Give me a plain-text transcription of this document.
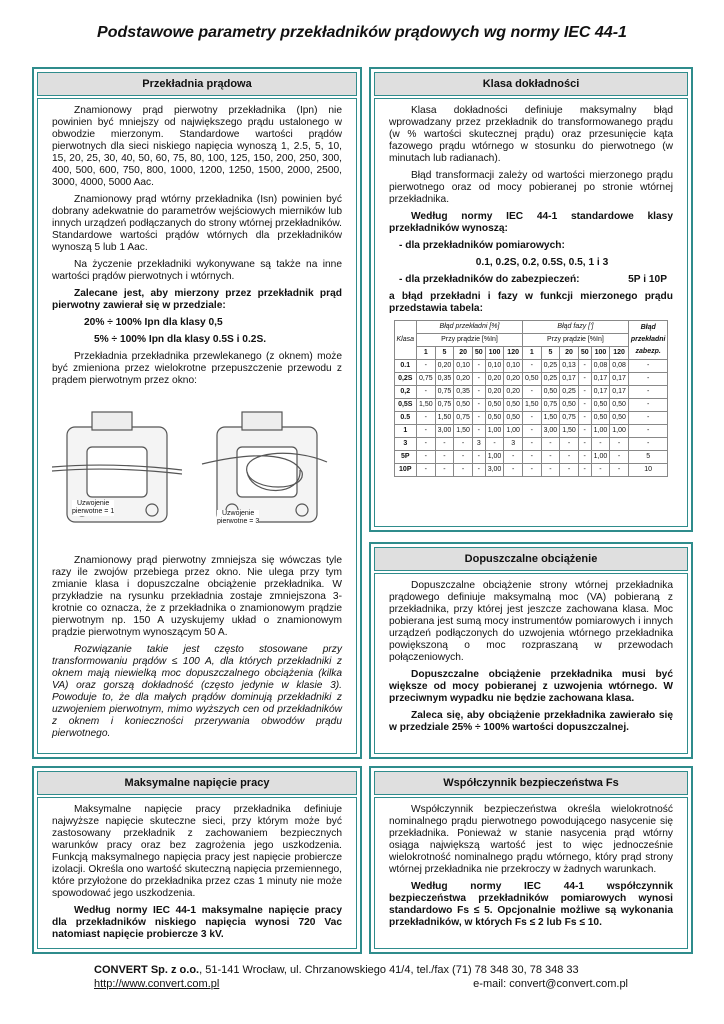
Podstawowe parametry przekładników prądowych wg normy IEC 44-1
Przekładnia prądowa

Znamionowy prąd pierwotny przekładnika (Ipn) nie powinien być mniejszy od największego prądu ustalonego w obwodzie mierzonym. Standardowe wartości prądów pierwotnych dla sieci niskiego napięcia wynoszą 1, 2.5, 5, 10, 15, 20, 25, 30, 40, 50, 60, 75, 80, 100, 125, 150, 200, 250, 300, 400, 500, 600, 750, 800, 1000, 1200, 1250, 1500, 2000, 2500, 3000, 4000, 5000 Aac.

Znamionowy prąd wtórny przekładnika (Isn) powinien być dobrany adekwatnie do parametrów wejściowych mierników lub innych urządzeń podłączanych do strony wtórnej przekładników. Standardowe wartości prądów wtórnych dla przekładników wynoszą 5 lub 1 Aac.

Na życzenie przekładniki wykonywane są także na inne wartości prądów pierwotnych i wtórnych.

Zalecane jest, aby mierzony przez przekładnik prąd pierwotny zawierał się w przedziale:

20% ÷ 100% Ipn dla klasy 0,5

5% ÷ 100% Ipn dla klasy 0.5S i 0.2S.

Przekładnia przekładnika przewlekanego (z oknem) może być zmieniona przez wielokrotne przepuszczenie przewodu z prądem pierwotnym przez okno:

Uzwojenie
pierwotne = 1	Uzwojenie
pierwotne = 3

Znamionowy prąd pierwotny zmniejsza się wówczas tyle razy ile zwojów przebiega przez okno. Nie ulega przy tym zmianie klasa i dopuszczalne obciążenie przekładnika. W przykładzie na rysunku przekładnia zostaje zmniejszona 3-krotnie co oznacza, że z przekładnika o znamionowym prądzie pierwotnym np. 150 A uzyskujemy układ o znamionowym prądzie pierwotnym wynoszącym 50 A.

Rozwiązanie takie jest często stosowane przy transformowaniu prądów ≤ 100 A, dla których przekładniki z oknem mają niewielką moc dopuszczalnego obciążenia (kilka VA) oraz gorszą dokładność (często jedynie w klasie 3). Powoduje to, że dla małych prądów dominują przekładniki z uzwojeniem pierwotnym, mimo wyższych cen od przekładników z oknem i konieczności przerywania obwodów prądu pierwotnego.

Klasa dokładności

Klasa dokładności definiuje maksymalny błąd wprowadzany przez przekładnik do transformowanego prądu (w % wartości skutecznej prądu) oraz przesunięcie kąta fazowego prądu wtórnego w stosunku do pierwotnego (w minutach lub radianach).

Błąd transformacji zależy od wartości mierzonego prądu pierwotnego oraz od mocy pobieranej po stronie wtórnej przekładnika.

Według normy IEC 44-1 standardowe klasy przekładników wynoszą:

- dla przekładników pomiarowych:

0.1, 0.2S, 0.2, 0.5S, 0.5, 1 i 3

- dla przekładników do zabezpieczeń:	5P i 10P

a błąd przekładni i fazy w funkcji mierzonego prądu przedstawia tabela:

Klasa	Błąd przekładni [%]						Błąd fazy [']						Błąd przekładni zabezp.
	Przy prądzie [%In]						Przy prądzie [%In]						
	1	5	20	50	100	120	1	5	20	50	100	120	
0.1	-	0,20	0,10	-	0,10	0,10	-	0,25	0,13	-	0,08	0,08	-
0,2S	0,75	0,35	0,20	-	0,20	0,20	0,50	0,25	0,17	-	0,17	0,17	-
0,2	-	0,75	0,35	-	0,20	0,20	-	0,50	0,25	-	0,17	0,17	-
0,5S	1,50	0,75	0,50	-	0,50	0,50	1,50	0,75	0,50	-	0,50	0,50	-
0.5	-	1,50	0,75	-	0,50	0,50	-	1,50	0,75	-	0,50	0,50	-
1	-	3,00	1,50	-	1,00	1,00	-	3,00	1,50	-	1,00	1,00	-
3	-	-	-	3	-	3	-	-	-	-	-	-	-
5P	-	-	-	-	1,00	-	-	-	-	-	1,00	-	5
10P	-	-	-	-	3,00	-	-	-	-	-	-	-	10
Dopuszczalne obciążenie

Dopuszczalne obciążenie strony wtórnej przekładnika prądowego definiuje maksymalną moc (VA) pobieraną z przekładnika, przy której jest jeszcze zachowana klasa. Moc pobierana jest sumą mocy instrumentów pomiarowych i innych urządzeń podłączonych do uzwojenia wtórnego przekładnika powiększoną o moc rozpraszaną w przewodach połączeniowych.

Dopuszczalne obciążenie przekładnika musi być większe od mocy pobieranej z uzwojenia wtórnego. W przeciwnym wypadku nie będzie zachowana klasa.

Zaleca się, aby obciążenie przekładnika zawierało się w przedziale 25% ÷ 100% wartości dopuszczalnej.

Maksymalne napięcie pracy

Maksymalne napięcie pracy przekładnika definiuje najwyższe napięcie skuteczne sieci, przy którym może być zastosowany przekładnik z zachowaniem bezpiecznych warunków pracy oraz bez zagrożenia jego uszkodzenia. Funkcją maksymalnego napięcia pracy jest napięcie probiercze izolacji. Określa ono wartość skuteczną napięcia przemiennego, które przyłożone do przekładnika przez czas 1 minuty nie może spowodować jego uszkodzenia.

Według normy IEC 44-1 maksymalne napięcie pracy dla przekładników niskiego napięcia wynosi 720 Vac natomiast napięcie probiercze 3 kV.

Współczynnik bezpieczeństwa Fs

Współczynnik bezpieczeństwa określa wielokrotność nominalnego prądu pierwotnego powodującego nasycenie się przekładnika. Ponieważ w stanie nasycenia prąd wtórny osiąga największą wartość jest to więc jednocześnie wielokrotność nominalnego prądu wtórnego, który prąd strony wtórnej przekładnika nie przekroczy w żadnych warunkach.

Według normy IEC 44-1 współczynnik bezpieczeństwa przekładników pomiarowych wynosi standardowo Fs ≤ 5. Opcjonalnie możliwe są wykonania przekładników, w których Fs ≤ 2 lub Fs ≤ 10.

CONVERT Sp. z o.o., 51-141 Wrocław, ul. Chrzanowskiego 41/4, tel./fax (71) 78 348 30, 78 348 33
http://www.convert.com.pl	e-mail: convert@convert.com.pl
